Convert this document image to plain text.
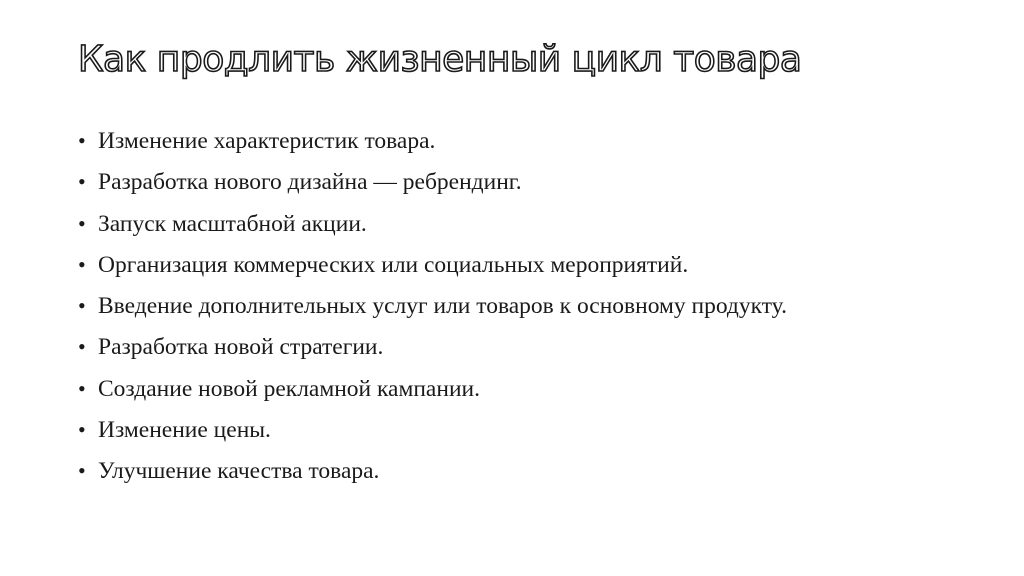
Как продлить жизненный цикл товара
• Изменение характеристик товара.
• Разработка нового дизайна — ребрендинг.
• Запуск масштабной акции.
• Организация коммерческих или социальных мероприятий.
• Введение дополнительных услуг или товаров к основному продукту.
• Разработка новой стратегии.
• Создание новой рекламной кампании.
• Изменение цены.
• Улучшение качества товара.
